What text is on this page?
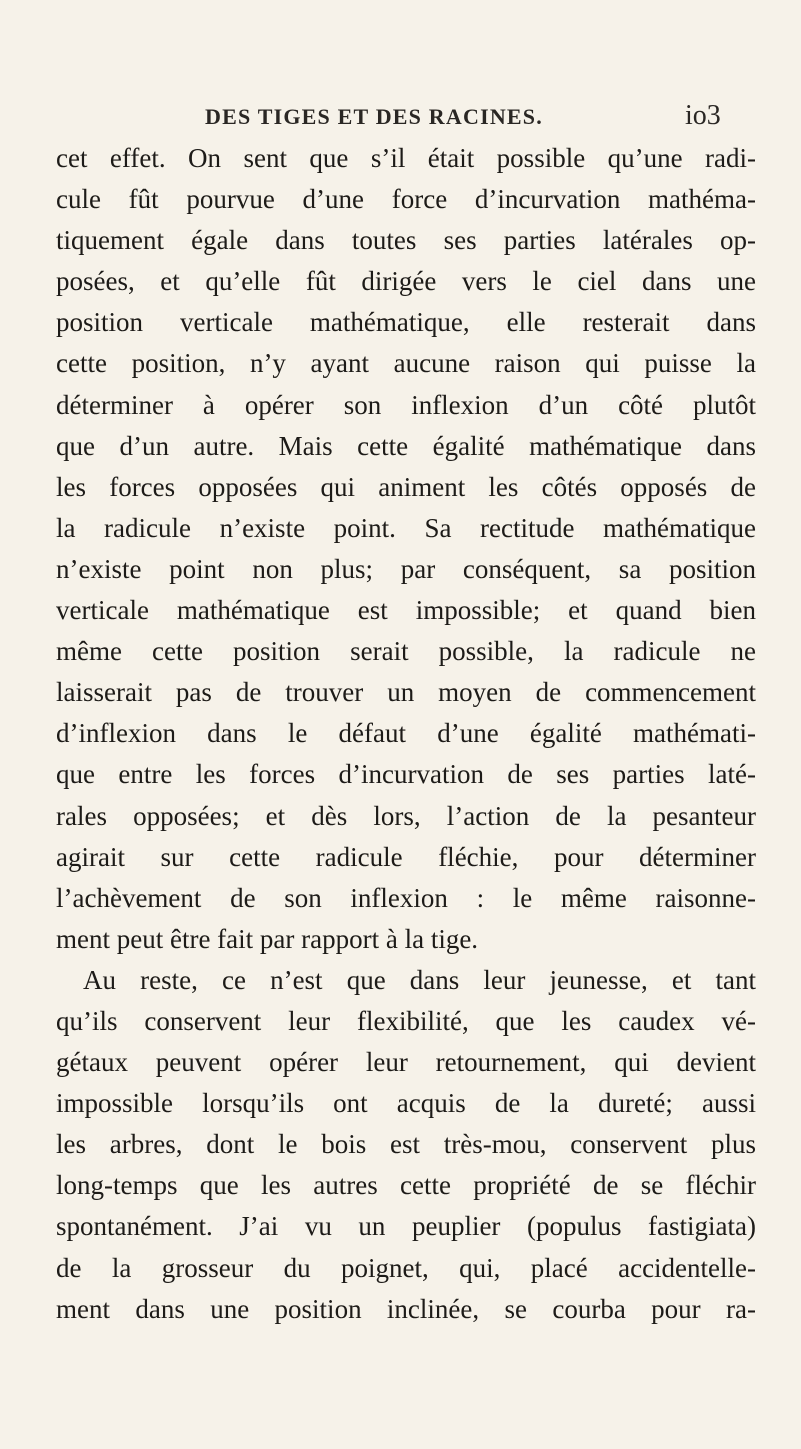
DES TIGES ET DES RACINES.	io3
cet effet. On sent que s’il était possible qu’une radi-
cule fût pourvue d’une force d’incurvation mathéma-
tiquement égale dans toutes ses parties latérales op-
posées, et qu’elle fût dirigée vers le ciel dans une
position verticale mathématique, elle resterait dans
cette position, n’y ayant aucune raison qui puisse la
déterminer à opérer son inflexion d’un côté plutôt
que d’un autre. Mais cette égalité mathématique dans
les forces opposées qui animent les côtés opposés de
la radicule n’existe point. Sa rectitude mathématique
n’existe point non plus; par conséquent, sa position
verticale mathématique est impossible; et quand bien
même cette position serait possible, la radicule ne
laisserait pas de trouver un moyen de commencement
d’inflexion dans le défaut d’une égalité mathémati-
que entre les forces d’incurvation de ses parties laté-
rales opposées; et dès lors, l’action de la pesanteur
agirait sur cette radicule fléchie, pour déterminer
l’achèvement de son inflexion : le même raisonne-
ment peut être fait par rapport à la tige.
Au reste, ce n’est que dans leur jeunesse, et tant
qu’ils conservent leur flexibilité, que les caudex vé-
gétaux peuvent opérer leur retournement, qui devient
impossible lorsqu’ils ont acquis de la dureté; aussi
les arbres, dont le bois est très-mou, conservent plus
long-temps que les autres cette propriété de se fléchir
spontanément. J’ai vu un peuplier (populus fastigiata)
de la grosseur du poignet, qui, placé accidentelle-
ment dans une position inclinée, se courba pour ra-
